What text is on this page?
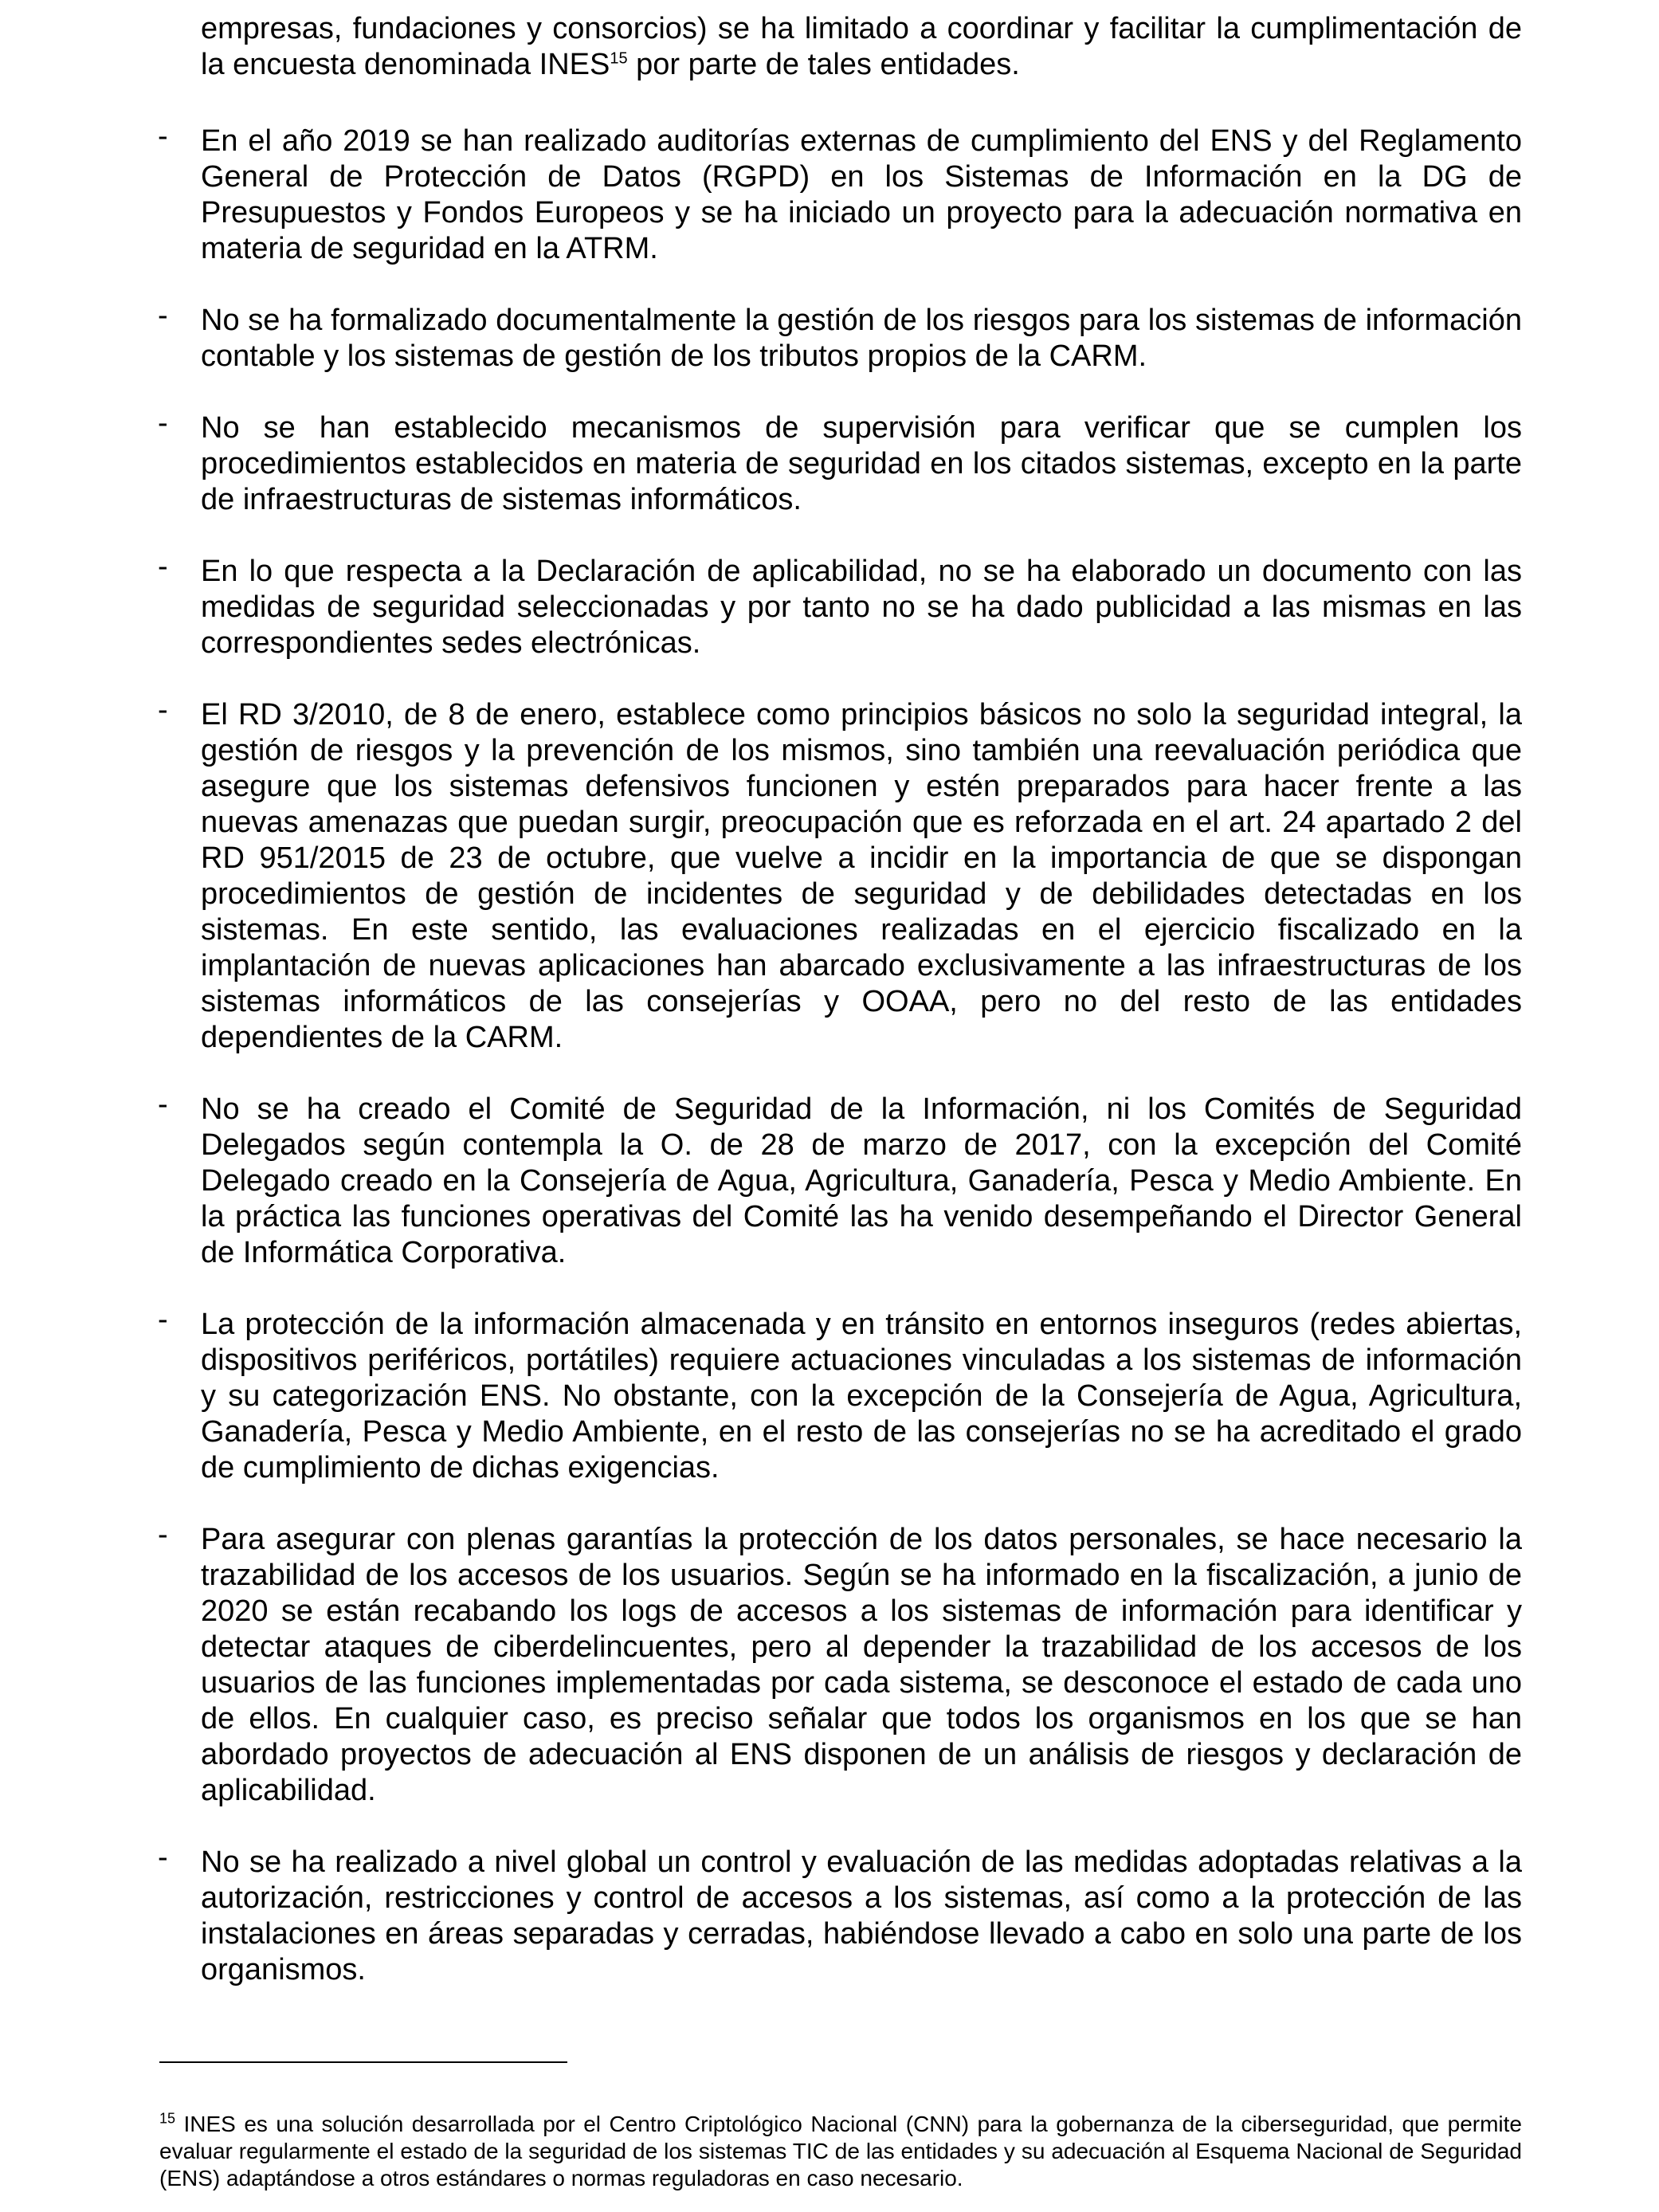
empresas, fundaciones y consorcios) se ha limitado a coordinar y facilitar la cumplimentación de la encuesta denominada INES$^{15}$ por parte de tales entidades.

- En el año 2019 se han realizado auditorías externas de cumplimiento del ENS y del Reglamento General de Protección de Datos (RGPD) en los Sistemas de Información en la DG de Presupuestos y Fondos Europeos y se ha iniciado un proyecto para la adecuación normativa en materia de seguridad en la ATRM.
- No se ha formalizado documentalmente la gestión de los riesgos para los sistemas de información contable y los sistemas de gestión de los tributos propios de la CARM.
- No se han establecido mecanismos de supervisión para verificar que se cumplen los procedimientos establecidos en materia de seguridad en los citados sistemas, excepto en la parte de infraestructuras de sistemas informáticos.
- En lo que respecta a la Declaración de aplicabilidad, no se ha elaborado un documento con las medidas de seguridad seleccionadas y por tanto no se ha dado publicidad a las mismas en las correspondientes sedes electrónicas.
- El RD 3/2010, de 8 de enero, establece como principios básicos no solo la seguridad integral, la gestión de riesgos y la prevención de los mismos, sino también una reevaluación periódica que asegure que los sistemas defensivos funcionen y estén preparados para hacer frente a las nuevas amenazas que puedan surgir, preocupación que es reforzada en el art. 24 apartado 2 del RD 951/2015 de 23 de octubre, que vuelve a incidir en la importancia de que se dispongan procedimientos de gestión de incidentes de seguridad y de debilidades detectadas en los sistemas. En este sentido, las evaluaciones realizadas en el ejercicio fiscalizado en la implantación de nuevas aplicaciones han abarcado exclusivamente a las infraestructuras de los sistemas informáticos de las consejerías y OOAA, pero no del resto de las entidades dependientes de la CARM.
- No se ha creado el Comité de Seguridad de la Información, ni los Comités de Seguridad Delegados según contempla la O. de 28 de marzo de 2017, con la excepción del Comité Delegado creado en la Consejería de Agua, Agricultura, Ganadería, Pesca y Medio Ambiente. En la práctica las funciones operativas del Comité las ha venido desempeñando el Director General de Informática Corporativa.
- La protección de la información almacenada y en tránsito en entornos inseguros (redes abiertas, dispositivos periféricos, portátiles) requiere actuaciones vinculadas a los sistemas de información y su categorización ENS. No obstante, con la excepción de la Consejería de Agua, Agricultura, Ganadería, Pesca y Medio Ambiente, en el resto de las consejerías no se ha acreditado el grado de cumplimiento de dichas exigencias.
- Para asegurar con plenas garantías la protección de los datos personales, se hace necesario la trazabilidad de los accesos de los usuarios. Según se ha informado en la fiscalización, a junio de 2020 se están recabando los logs de accesos a los sistemas de información para identificar y detectar ataques de ciberdelincuentes, pero al depender la trazabilidad de los accesos de los usuarios de las funciones implementadas por cada sistema, se desconoce el estado de cada uno de ellos. En cualquier caso, es preciso señalar que todos los organismos en los que se han abordado proyectos de adecuación al ENS disponen de un análisis de riesgos y declaración de aplicabilidad.
- No se ha realizado a nivel global un control y evaluación de las medidas adoptadas relativas a la autorización, restricciones y control de accesos a los sistemas, así como a la protección de las instalaciones en áreas separadas y cerradas, habiéndose llevado a cabo en solo una parte de los organismos.

$^{15}$ INES es una solución desarrollada por el Centro Criptológico Nacional (CNN) para la gobernanza de la ciberseguridad, que permite evaluar regularmente el estado de la seguridad de los sistemas TIC de las entidades y su adecuación al Esquema Nacional de Seguridad (ENS) adaptándose a otros estándares o normas reguladoras en caso necesario.
